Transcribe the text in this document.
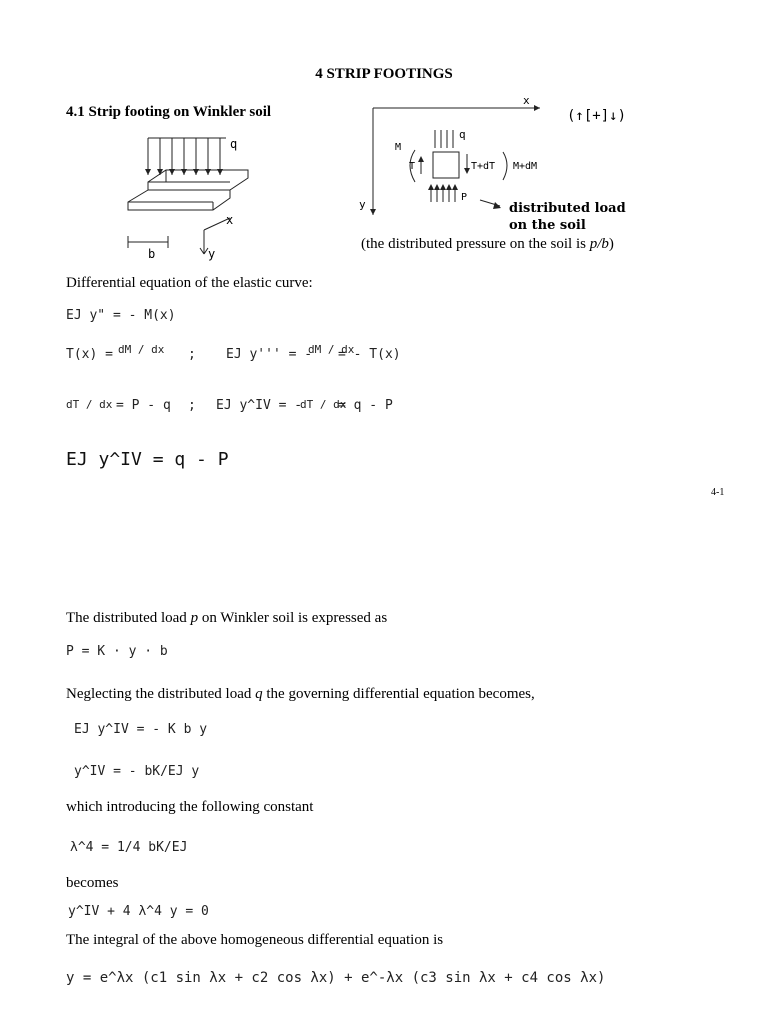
4 STRIP FOOTINGS
4.1 Strip footing on Winkler soil
q
b
x
y
x
y
(↑[+]↓)
M
q
T	T+dT M+dM
P
distributed load
on the soil
(the distributed pressure on the soil is p/b)
Differential equation of the elastic curve:
EJ y" = - M(x)
T(x) = dM / dx ; EJ y''' = -
dM / dx
= - T(x)
dT / dx = P - q ; EJ y^IV = -
dT / dx
= q - P
EJ y^IV = q - P
4-1
The distributed load p on Winkler soil is expressed as
P = K · y · b
Neglecting the distributed load q the governing differential equation becomes,
EJ y^IV = - K b y
y^IV = - bK/EJ y
which introducing the following constant
λ^4 = 1/4 bK/EJ
becomes
y^IV + 4 λ^4 y = 0
The integral of the above homogeneous differential equation is
y = e^λx (c1 sin λx + c2 cos λx) + e^-λx (c3 sin λx + c4 cos λx)
